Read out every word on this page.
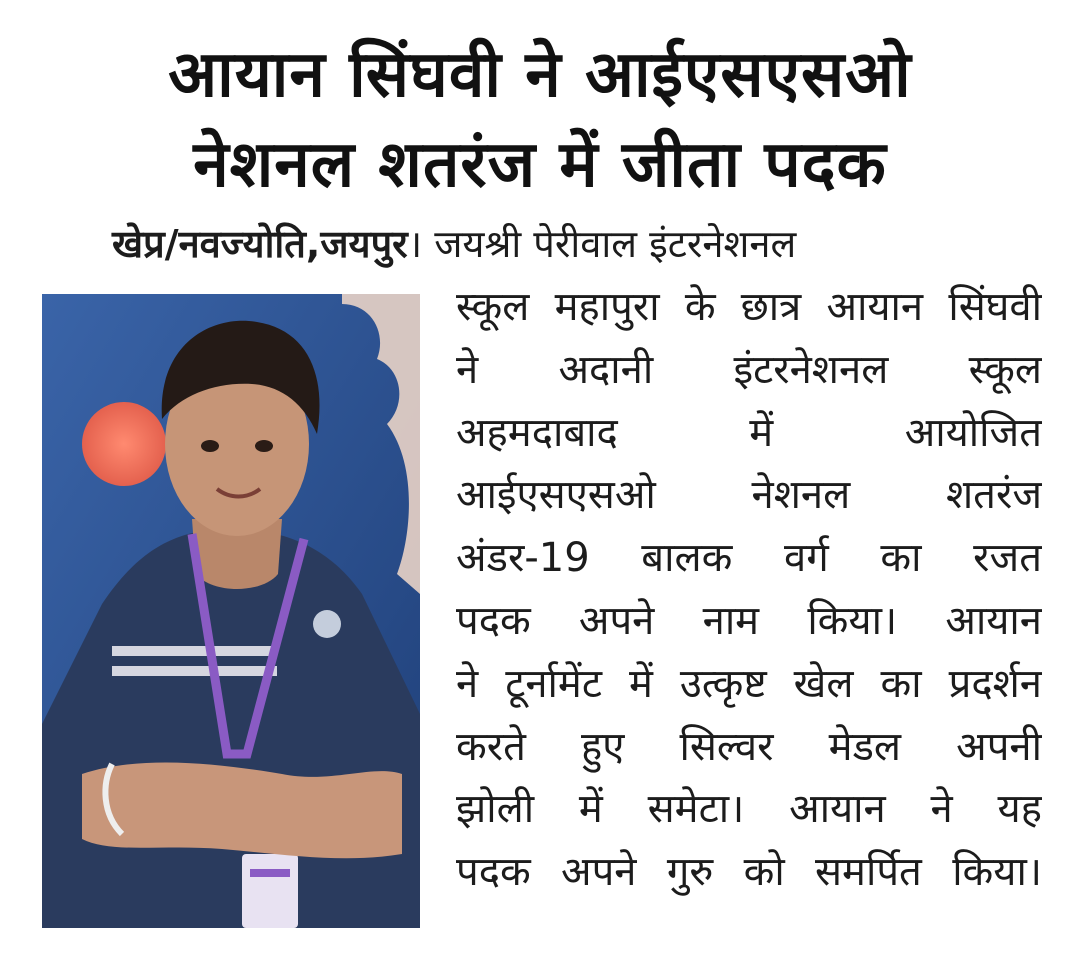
आयान सिंघवी ने आईएसएसओ
नेशनल शतरंज में जीता पदक
खेप्र/नवज्योति,जयपुर। जयश्री पेरीवाल इंटरनेशनल
स्कूल महापुरा के छात्र आयान सिंघवी
ने अदानी इंटरनेशनल स्कूल
अहमदाबाद में आयोजित
आईएसएसओ नेशनल शतरंज
अंडर-19 बालक वर्ग का रजत
पदक अपने नाम किया। आयान
ने टूर्नामेंट में उत्कृष्ट खेल का प्रदर्शन
करते हुए सिल्वर मेडल अपनी
झोली में समेटा। आयान ने यह
पदक अपने गुरु को समर्पित किया।
